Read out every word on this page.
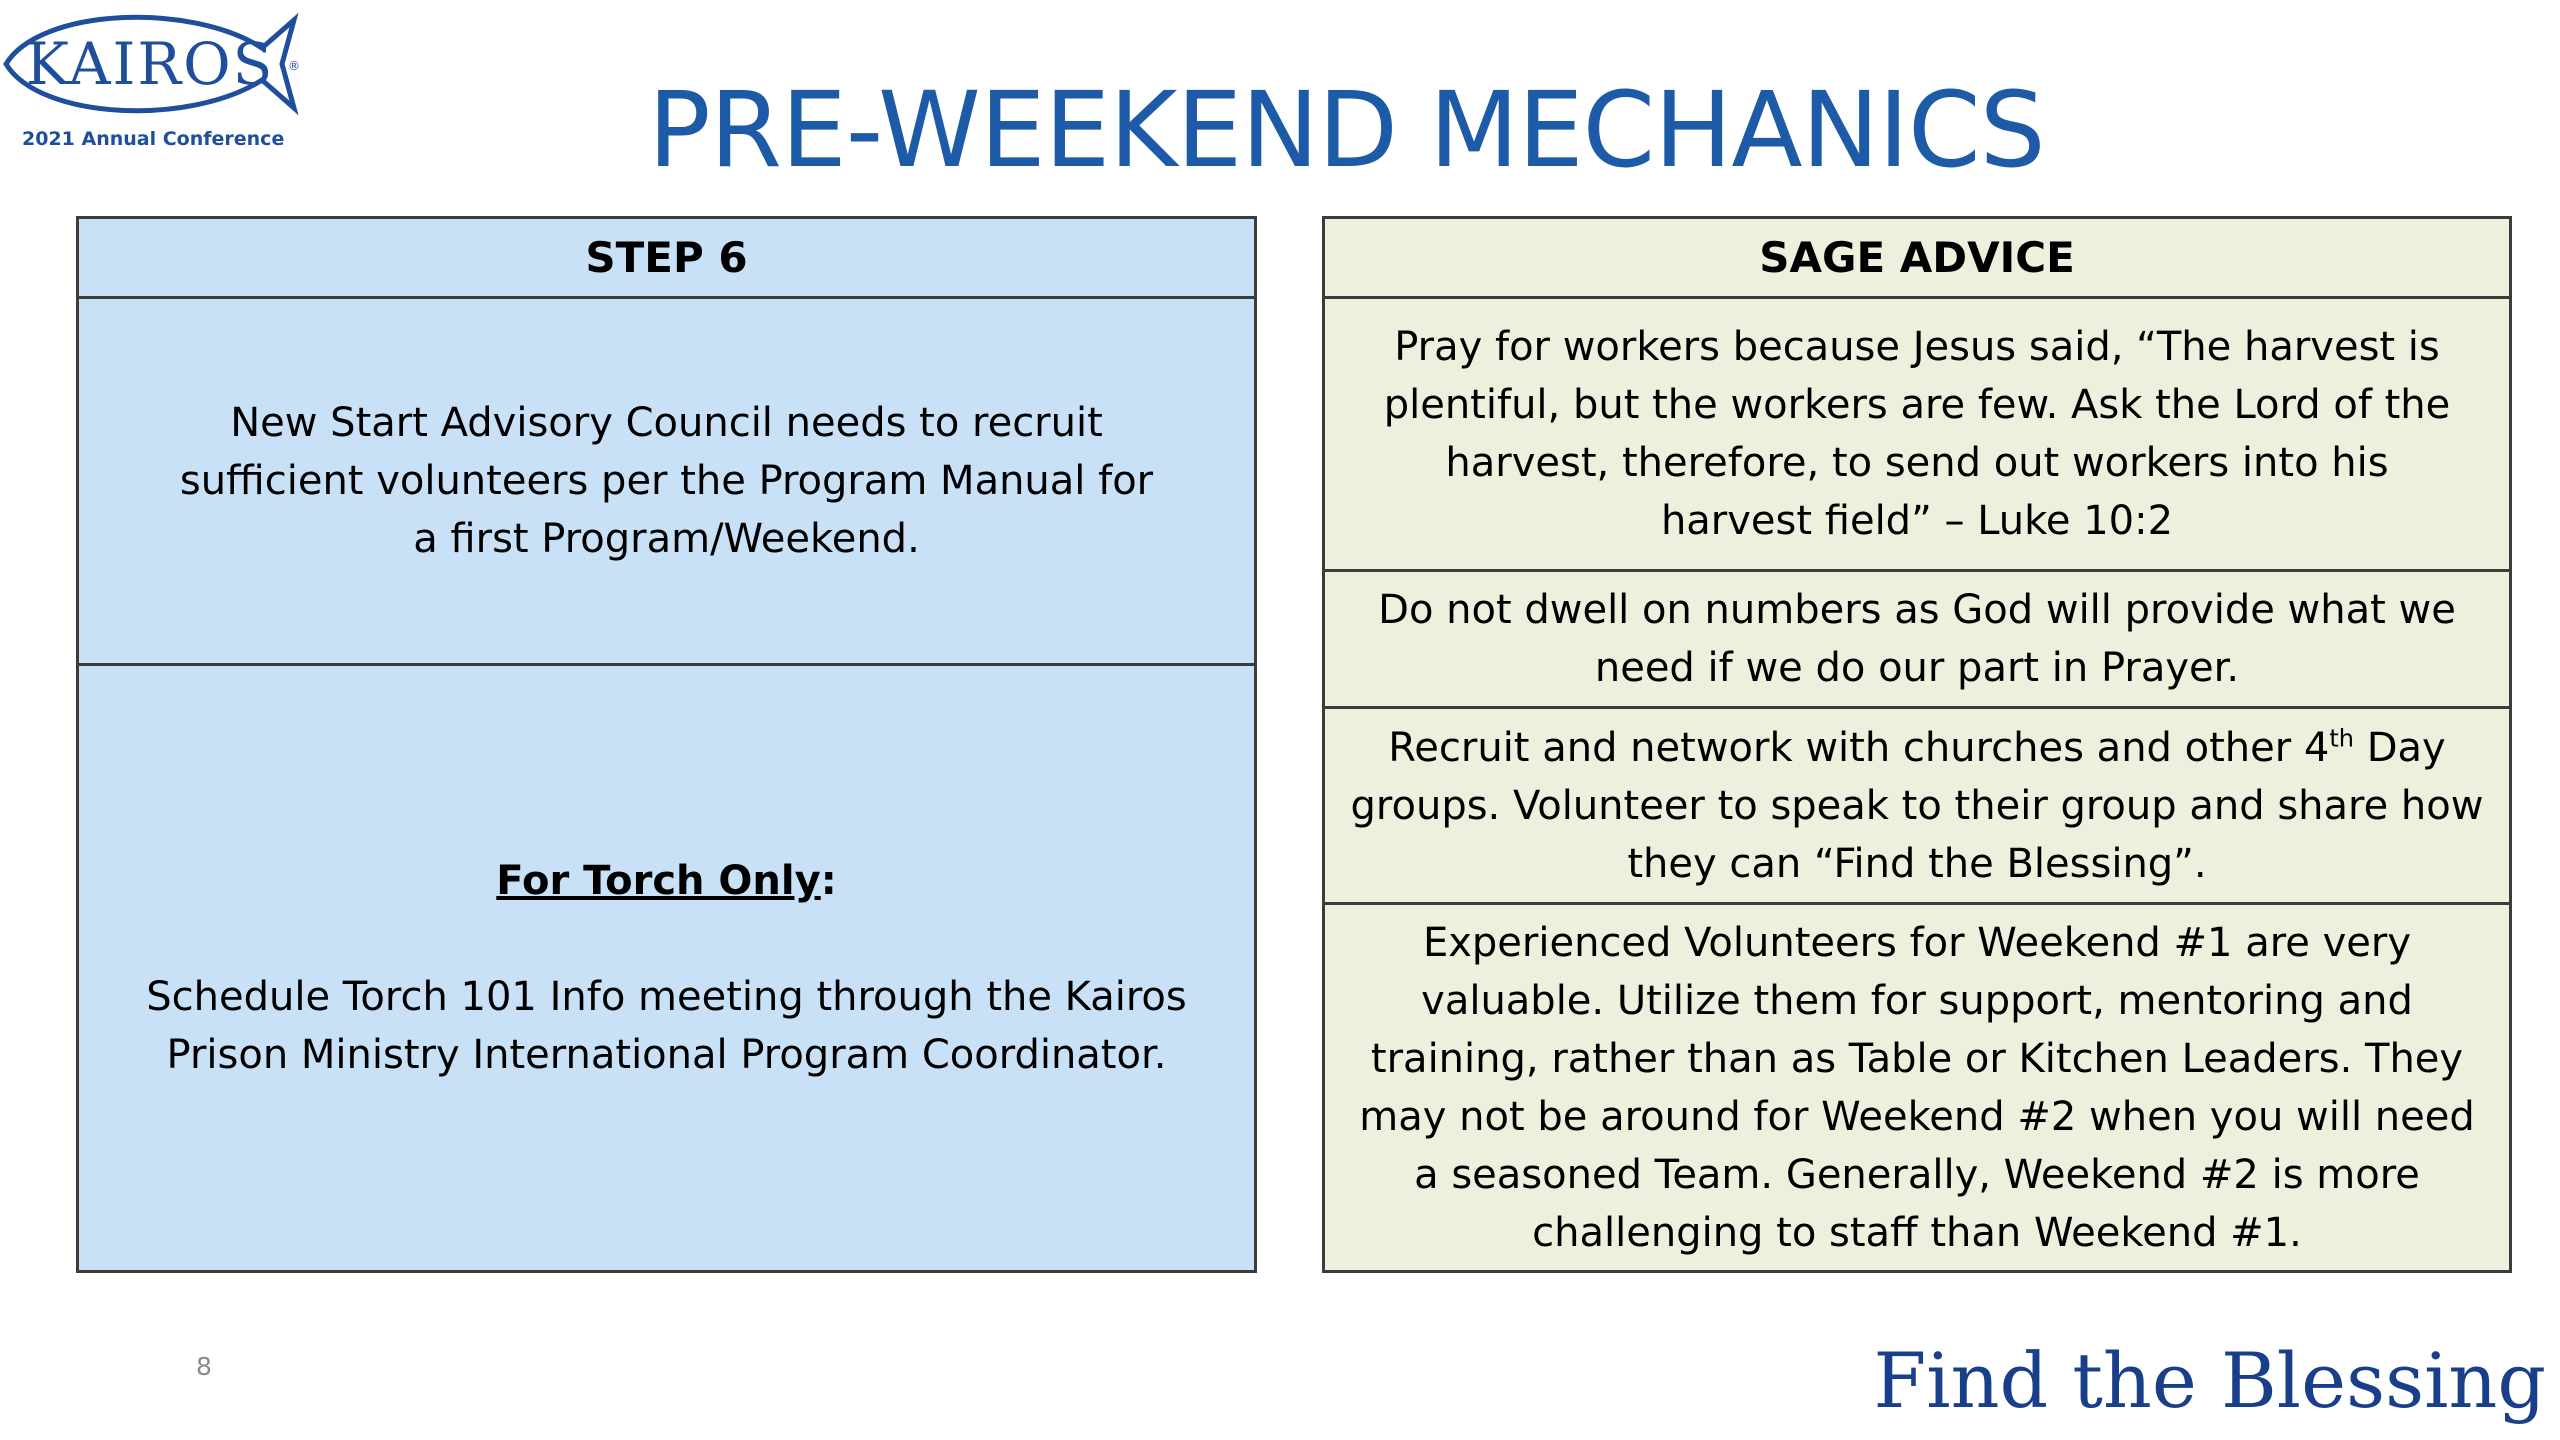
KAIROS ®
2021 Annual Conference	PRE-WEEKEND MECHANICS
STEP 6
New Start Advisory Council needs to recruit sufficient volunteers per the Program Manual for a first Program/Weekend.
For Torch Only:
Schedule Torch 101 Info meeting through the Kairos Prison Ministry International Program Coordinator.
SAGE ADVICE
Pray for workers because Jesus said, “The harvest is plentiful, but the workers are few. Ask the Lord of the harvest, therefore, to send out workers into his harvest field” – Luke 10:2
Do not dwell on numbers as God will provide what we need if we do our part in Prayer.
Recruit and network with churches and other 4th Day groups. Volunteer to speak to their group and share how they can “Find the Blessing”.
Experienced Volunteers for Weekend #1 are very valuable. Utilize them for support, mentoring and training, rather than as Table or Kitchen Leaders. They may not be around for Weekend #2 when you will need a seasoned Team. Generally, Weekend #2 is more challenging to staff than Weekend #1.
8	Find the Blessing
